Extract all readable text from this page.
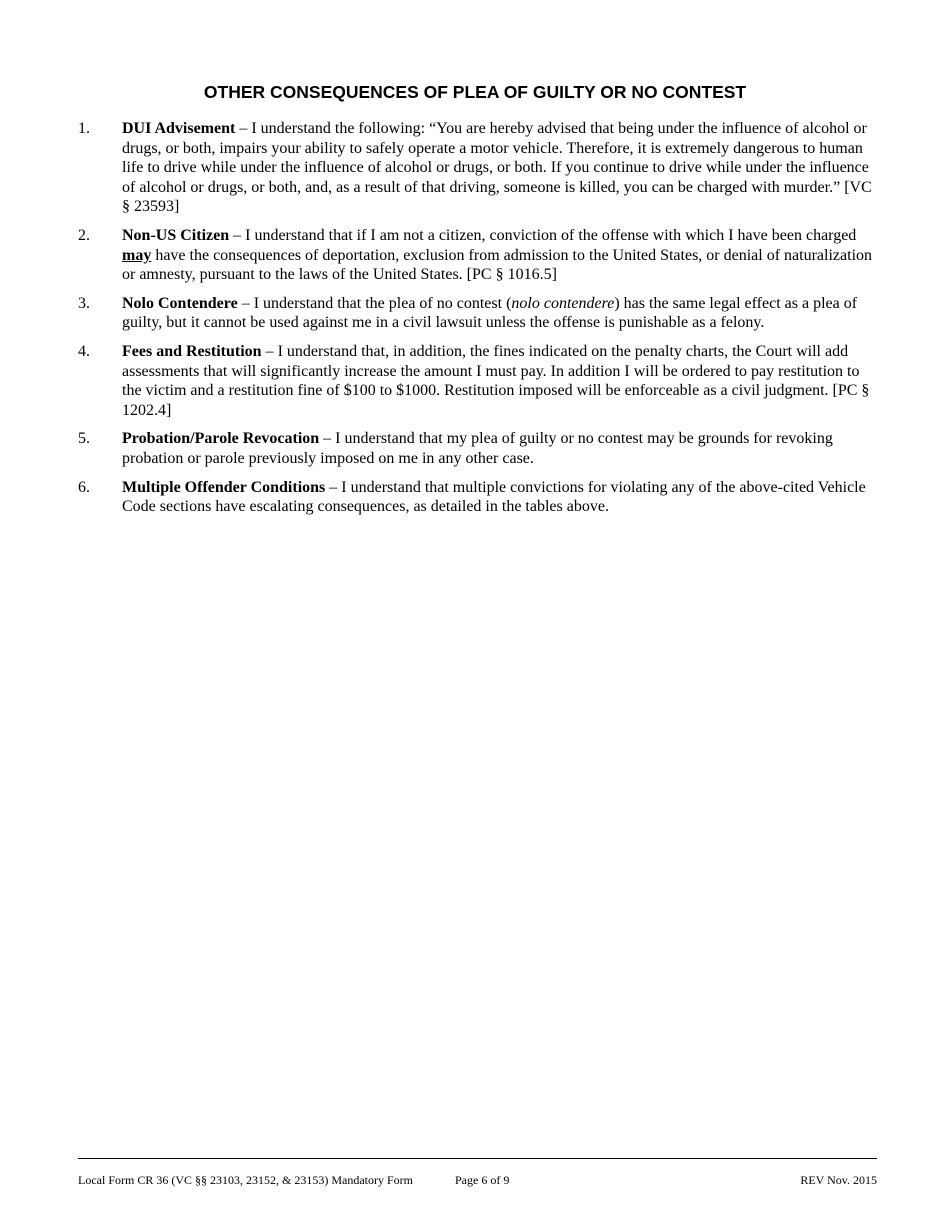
OTHER CONSEQUENCES OF PLEA OF GUILTY OR NO CONTEST
1. DUI Advisement – I understand the following: “You are hereby advised that being under the influence of alcohol or drugs, or both, impairs your ability to safely operate a motor vehicle. Therefore, it is extremely dangerous to human life to drive while under the influence of alcohol or drugs, or both. If you continue to drive while under the influence of alcohol or drugs, or both, and, as a result of that driving, someone is killed, you can be charged with murder.” [VC § 23593]
2. Non-US Citizen – I understand that if I am not a citizen, conviction of the offense with which I have been charged may have the consequences of deportation, exclusion from admission to the United States, or denial of naturalization or amnesty, pursuant to the laws of the United States. [PC § 1016.5]
3. Nolo Contendere – I understand that the plea of no contest (nolo contendere) has the same legal effect as a plea of guilty, but it cannot be used against me in a civil lawsuit unless the offense is punishable as a felony.
4. Fees and Restitution – I understand that, in addition, the fines indicated on the penalty charts, the Court will add assessments that will significantly increase the amount I must pay. In addition I will be ordered to pay restitution to the victim and a restitution fine of $100 to $1000. Restitution imposed will be enforceable as a civil judgment. [PC § 1202.4]
5. Probation/Parole Revocation – I understand that my plea of guilty or no contest may be grounds for revoking probation or parole previously imposed on me in any other case.
6. Multiple Offender Conditions – I understand that multiple convictions for violating any of the above-cited Vehicle Code sections have escalating consequences, as detailed in the tables above.
Local Form CR 36 (VC §§ 23103, 23152, & 23153) Mandatory Form	Page 6 of 9	REV Nov. 2015
